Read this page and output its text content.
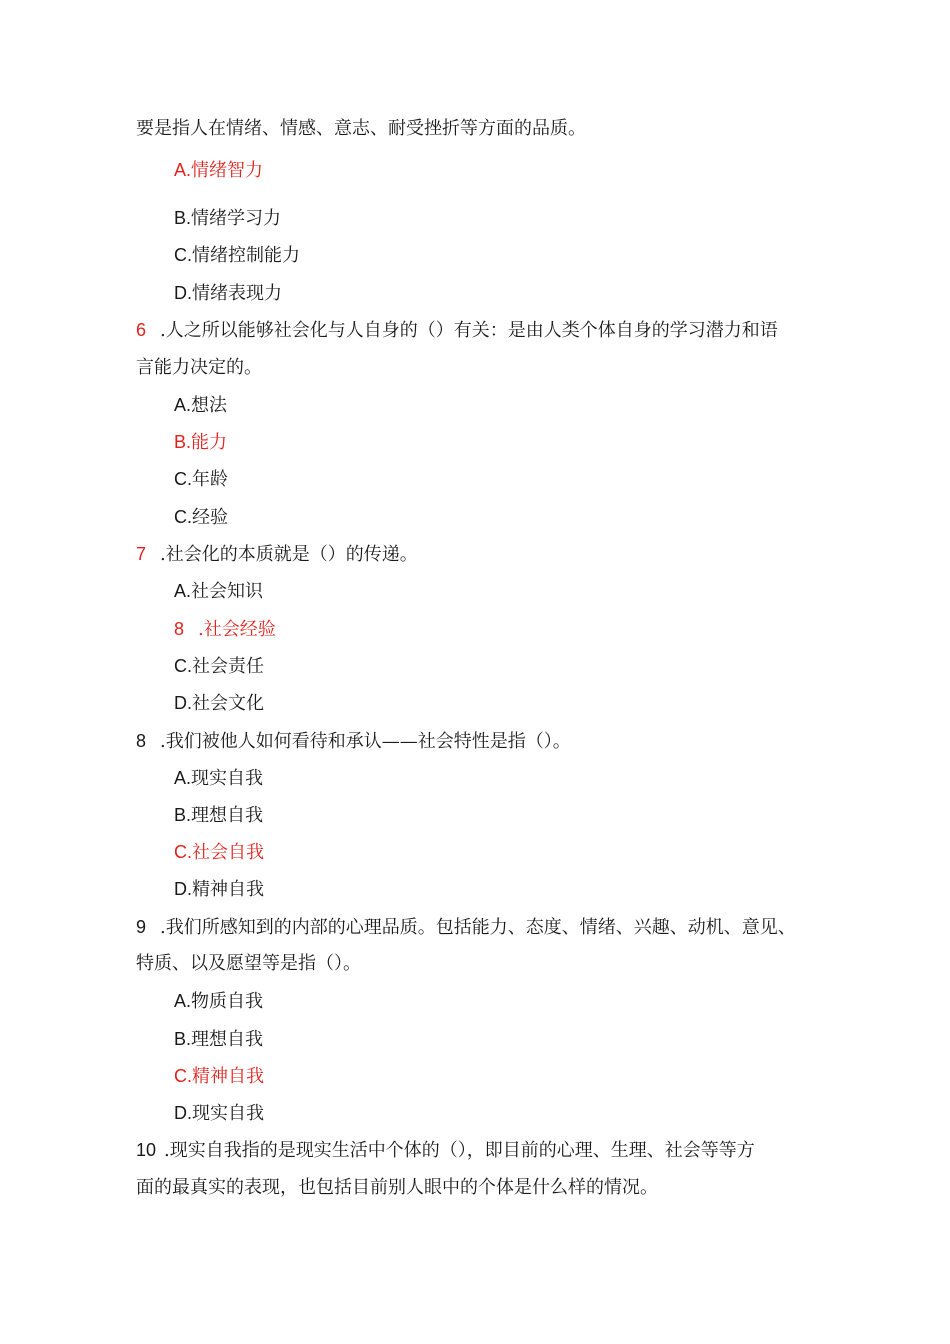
要是指人在情绪、情感、意志、耐受挫折等方面的品质。
A.情绪智力
B.情绪学习力
C.情绪控制能力
D.情绪表现力
6 .人之所以能够社会化与人自身的（）有关：是由人类个体自身的学习潜力和语
言能力决定的。
A.想法
B.能力
C.年龄
C.经验
7 .社会化的本质就是（）的传递。
A.社会知识
8 .社会经验
C.社会责任
D.社会文化
8 .我们被他人如何看待和承认——社会特性是指（）。
A.现实自我
B.理想自我
C.社会自我
D.精神自我
9 .我们所感知到的内部的心理品质。包括能力、态度、情绪、兴趣、动机、意见、
特质、以及愿望等是指（）。
A.物质自我
B.理想自我
C.精神自我
D.现实自我
10 .现实自我指的是现实生活中个体的（），即目前的心理、生理、社会等等方
面的最真实的表现，也包括目前别人眼中的个体是什么样的情况。
